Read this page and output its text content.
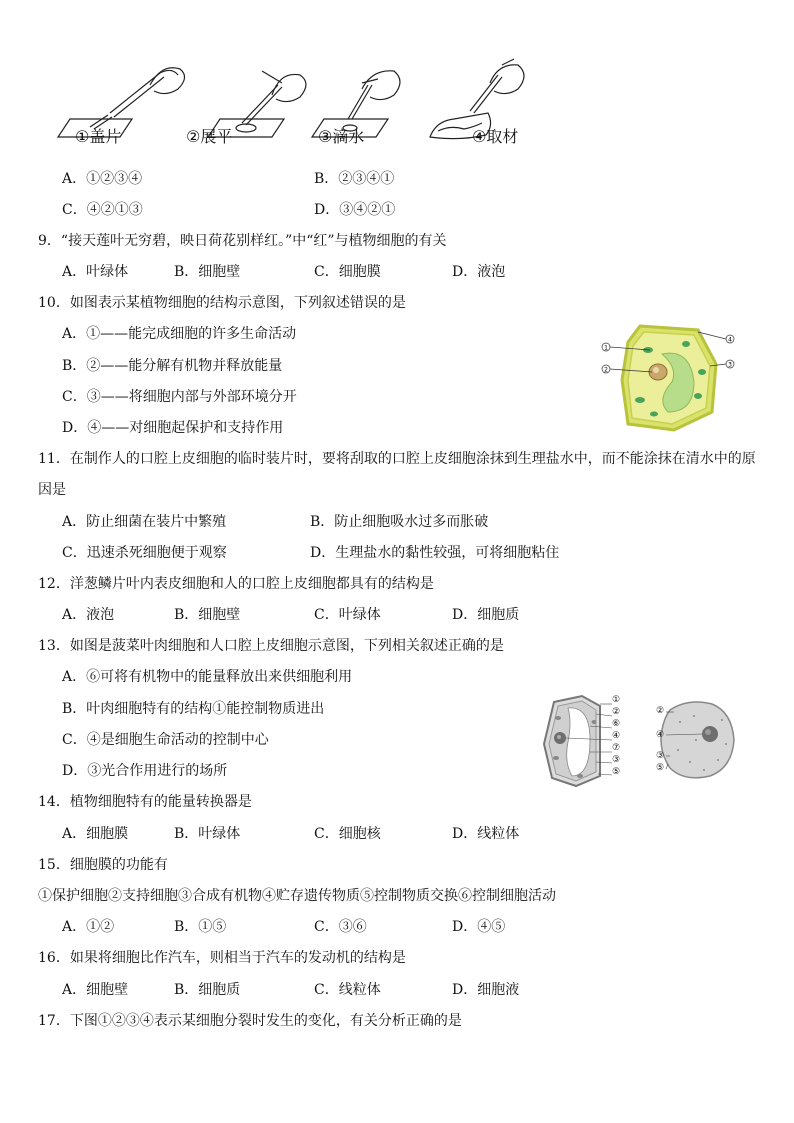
①盖片	②展平	③滴水	④取材
A．①②③④	B．②③④①
C．④②①③	D．③④②①
9．“接天莲叶无穷碧，映日荷花别样红。”中“红”与植物细胞的有关
A．叶绿体	B．细胞壁	C．细胞膜	D．液泡
10．如图表示某植物细胞的结构示意图，下列叙述错误的是
A．①——能完成细胞的许多生命活动
B．②——能分解有机物并释放能量
C．③——将细胞内部与外部环境分开
D．④——对细胞起保护和支持作用
1
2
3
4
11．在制作人的口腔上皮细胞的临时装片时，要将刮取的口腔上皮细胞涂抹到生理盐水中，而不能涂抹在清水中的原
因是
A．防止细菌在装片中繁殖	B．防止细胞吸水过多而胀破
C．迅速杀死细胞便于观察	D．生理盐水的黏性较强，可将细胞粘住
12．洋葱鳞片叶内表皮细胞和人的口腔上皮细胞都具有的结构是
A．液泡	B．细胞壁	C．叶绿体	D．细胞质
13．如图是菠菜叶肉细胞和人口腔上皮细胞示意图，下列相关叙述正确的是
A．⑥可将有机物中的能量释放出来供细胞利用
B．叶肉细胞特有的结构①能控制物质进出
C．④是细胞生命活动的控制中心
D．③光合作用进行的场所
①
②
⑥
④
⑦
③
⑤
②
④
③
⑤
14．植物细胞特有的能量转换器是
A．细胞膜	B．叶绿体	C．细胞核	D．线粒体
15．细胞膜的功能有
①保护细胞②支持细胞③合成有机物④贮存遗传物质⑤控制物质交换⑥控制细胞活动
A．①②	B．①⑤	C．③⑥	D．④⑤
16．如果将细胞比作汽车，则相当于汽车的发动机的结构是
A．细胞壁	B．细胞质	C．线粒体	D．细胞液
17．下图①②③④表示某细胞分裂时发生的变化，有关分析正确的是
